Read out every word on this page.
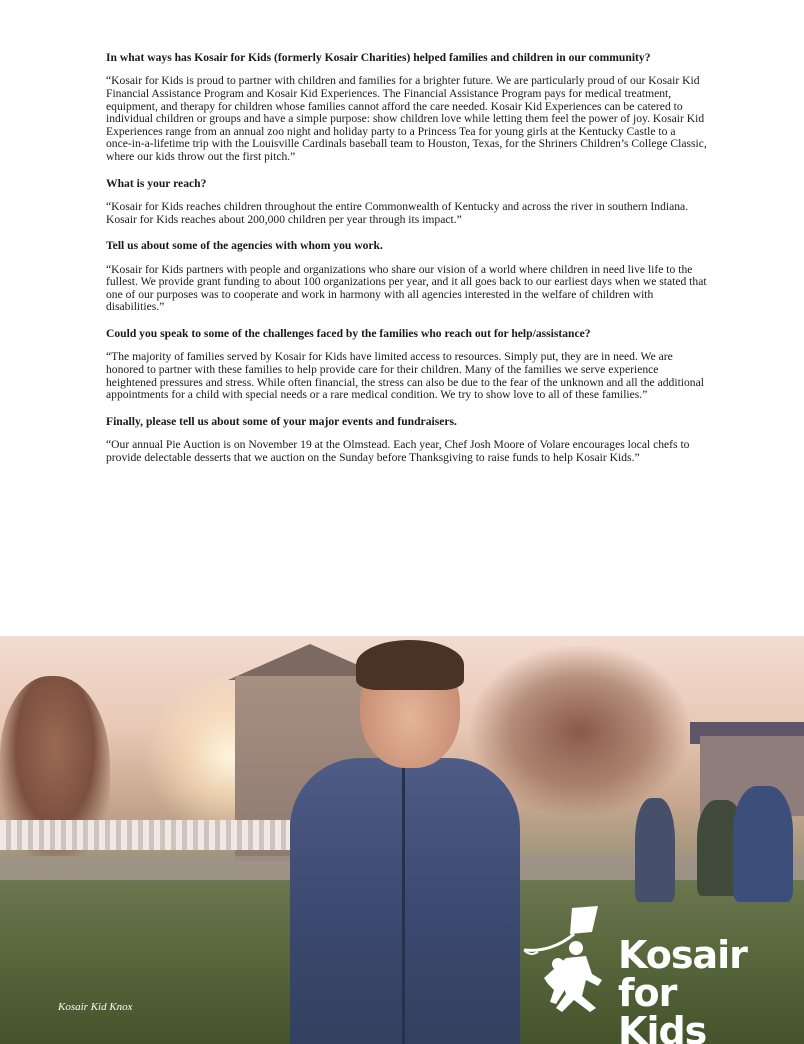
In what ways has Kosair for Kids (formerly Kosair Charities) helped families and children in our community?

“Kosair for Kids is proud to partner with children and families for a brighter future. We are particularly proud of our Kosair Kid Financial Assistance Program and Kosair Kid Experiences. The Financial Assistance Program pays for medical treatment, equipment, and therapy for children whose families cannot afford the care needed. Kosair Kid Experiences can be catered to individual children or groups and have a simple purpose: show children love while letting them feel the power of joy. Kosair Kid Experiences range from an annual zoo night and holiday party to a Princess Tea for young girls at the Kentucky Castle to a
once-in-a-lifetime trip with the Louisville Cardinals baseball team to Houston, Texas, for the Shriners Children’s College Classic, where our kids throw out the first pitch.”

What is your reach?

“Kosair for Kids reaches children throughout the entire Commonwealth of Kentucky and across the river in southern Indiana. Kosair for Kids reaches about 200,000 children per year through its impact.”

Tell us about some of the agencies with whom you work.

“Kosair for Kids partners with people and organizations who share our vision of a world where children in need live life to the fullest. We provide grant funding to about 100 organizations per year, and it all goes back to our earliest days when we stated that one of our purposes was to cooperate and work in harmony with all agencies interested in the welfare of children with disabilities.”

Could you speak to some of the challenges faced by the families who reach out for help/assistance?

“The majority of families served by Kosair for Kids have limited access to resources. Simply put, they are in need. We are honored to partner with these families to help provide care for their children. Many of the families we serve experience heightened pressures and stress. While often financial, the stress can also be due to the fear of the unknown and all the additional appointments for a child with special needs or a rare medical condition. We try to show love to all of these families.”

Finally, please tell us about some of your major events and fundraisers.

“Our annual Pie Auction is on November 19 at the Olmstead. Each year, Chef Josh Moore of Volare encourages local chefs to provide delectable desserts that we auction on the Sunday before Thanksgiving to raise funds to help Kosair Kids.”

Kosair Kid Knox
Kosair
for Kids
